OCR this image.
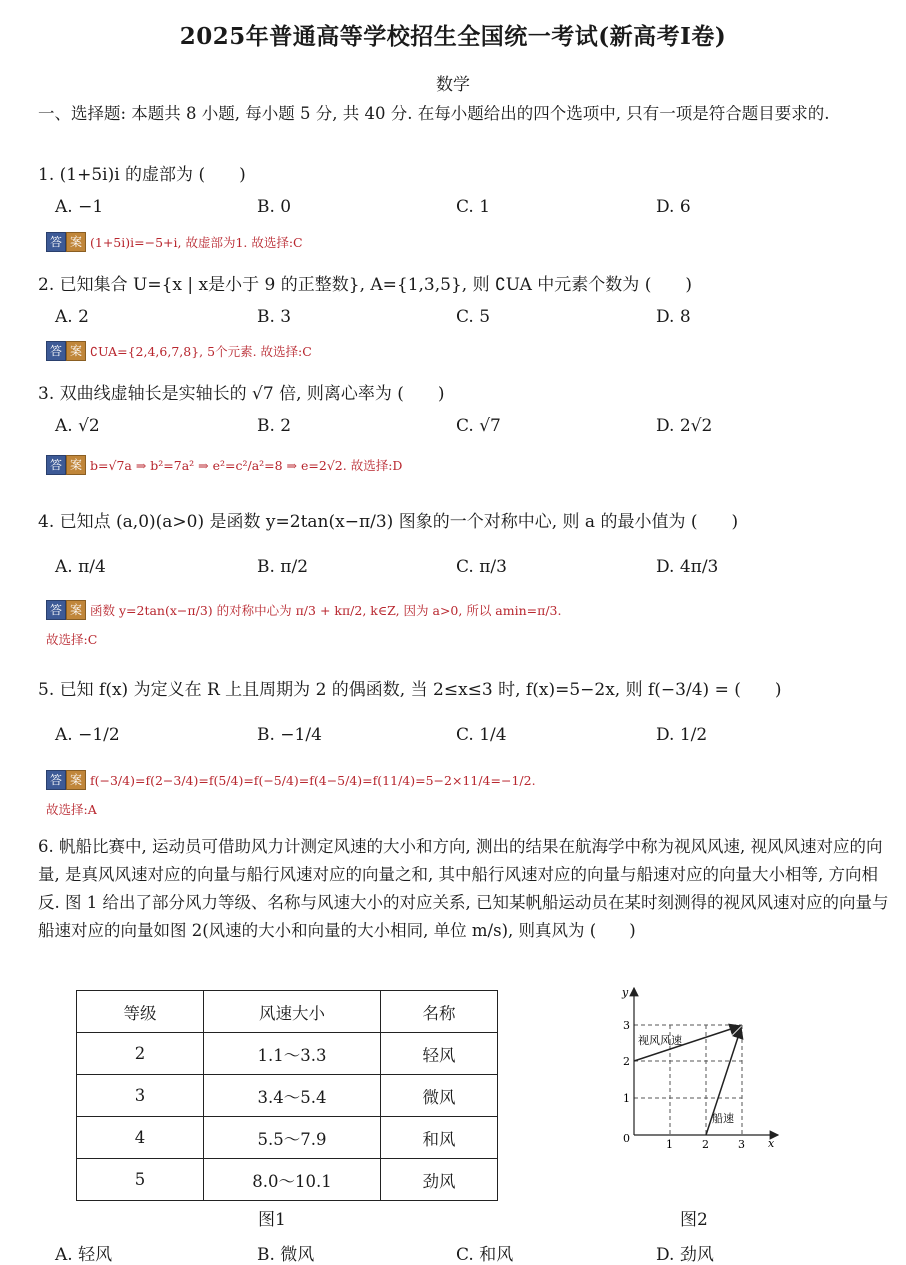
2025年普通高等学校招生全国统一考试(新高考I卷)
数学
一、选择题: 本题共 8 小题, 每小题 5 分, 共 40 分. 在每小题给出的四个选项中, 只有一项是符合题目要求的.
1. (1+5i)i 的虚部为 (　　)
A. −1	B. 0	C. 1	D. 6
答 案 (1+5i)i=−5+i, 故虚部为1. 故选择:C
2. 已知集合 U={x | x是小于 9 的正整数}, A={1,3,5}, 则 ∁UA 中元素个数为 (　　)
A. 2	B. 3	C. 5	D. 8
答 案 ∁UA={2,4,6,7,8}, 5个元素. 故选择:C
3. 双曲线虚轴长是实轴长的 √7 倍, 则离心率为 (　　)
A. √2	B. 2	C. √7	D. 2√2
答 案 b=√7a ⇒ b²=7a² ⇒ e²=c²/a²=8 ⇒ e=2√2. 故选择:D
4. 已知点 (a,0)(a>0) 是函数 y=2tan(x−π/3) 图象的一个对称中心, 则 a 的最小值为 (　　)
A. π/4	B. π/2	C. π/3	D. 4π/3
答 案 函数 y=2tan(x−π/3) 的对称中心为 π/3 + kπ/2, k∈Z, 因为 a>0, 所以 amin=π/3.
故选择:C
5. 已知 f(x) 为定义在 R 上且周期为 2 的偶函数, 当 2≤x≤3 时, f(x)=5−2x, 则 f(−3/4) = (　　)
A. −1/2	B. −1/4	C. 1/4	D. 1/2
答 案 f(−3/4)=f(2−3/4)=f(5/4)=f(−5/4)=f(4−5/4)=f(11/4)=5−2×11/4=−1/2.
故选择:A
6. 帆船比赛中, 运动员可借助风力计测定风速的大小和方向, 测出的结果在航海学中称为视风风速, 视风风速对应的向量, 是真风风速对应的向量与船行风速对应的向量之和, 其中船行风速对应的向量与船速对应的向量大小相等, 方向相反. 图 1 给出了部分风力等级、名称与风速大小的对应关系, 已知某帆船运动员在某时刻测得的视风风速对应的向量与船速对应的向量如图 2(风速的大小和向量的大小相同, 单位 m/s), 则真风为 (　　)
等级	风速大小	名称
2	1.1～3.3	轻风
3	3.4～5.4	微风
4	5.5～7.9	和风
5	8.0～10.1	劲风
图1
y
x
0	1	2	3
1
2
3
视风风速
船速
图2
A. 轻风	B. 微风	C. 和风	D. 劲风
